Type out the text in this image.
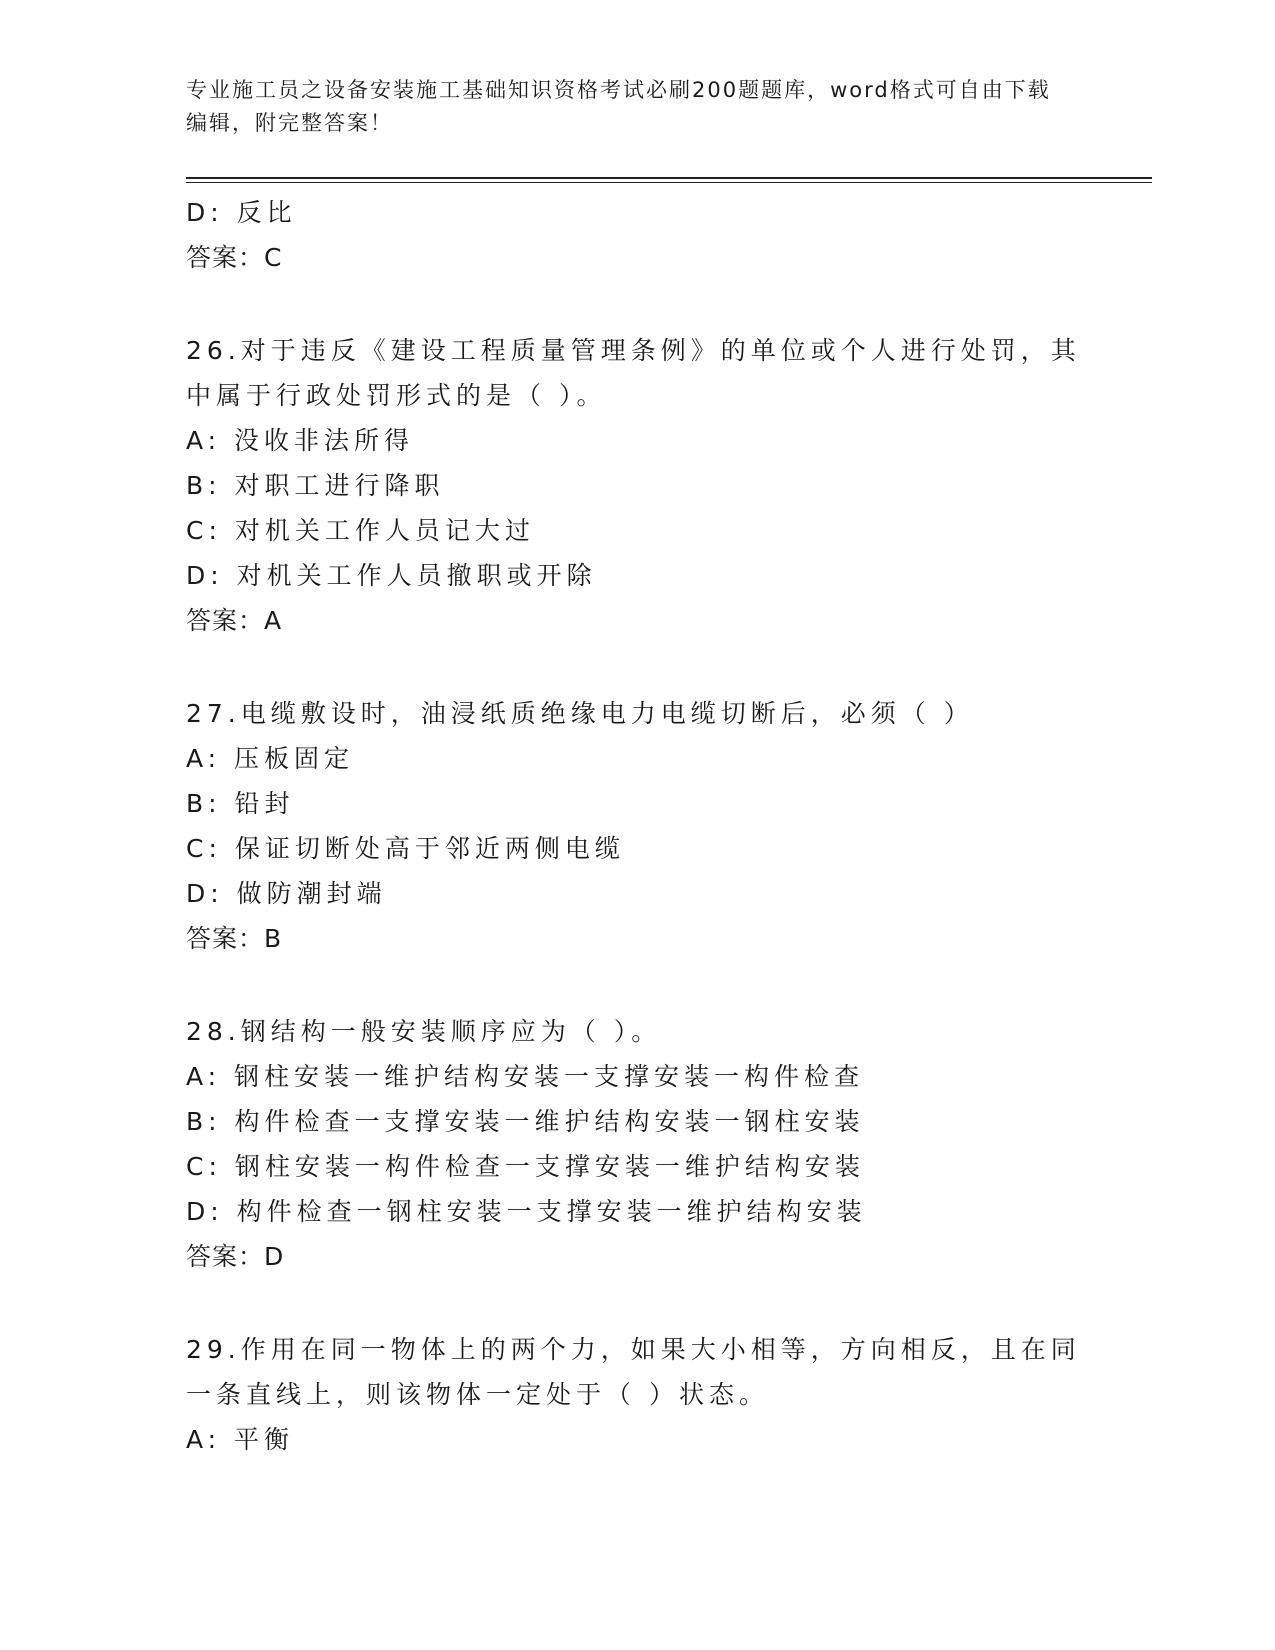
专业施工员之设备安装施工基础知识资格考试必刷200题题库，word格式可自由下载编辑，附完整答案！
D: 反比
答案：C
26.对于违反《建设工程质量管理条例》的单位或个人进行处罚，其中属于行政处罚形式的是（ ）。
A: 没收非法所得
B: 对职工进行降职
C: 对机关工作人员记大过
D: 对机关工作人员撤职或开除
答案：A
27.电缆敷设时，油浸纸质绝缘电力电缆切断后，必须（ ）
A: 压板固定
B: 铅封
C: 保证切断处高于邻近两侧电缆
D: 做防潮封端
答案：B
28.钢结构一般安装顺序应为（ ）。
A: 钢柱安装一维护结构安装一支撑安装一构件检查
B: 构件检查一支撑安装一维护结构安装一钢柱安装
C: 钢柱安装一构件检查一支撑安装一维护结构安装
D: 构件检查一钢柱安装一支撑安装一维护结构安装
答案：D
29.作用在同一物体上的两个力，如果大小相等，方向相反，且在同一条直线上，则该物体一定处于（ ）状态。
A: 平衡
